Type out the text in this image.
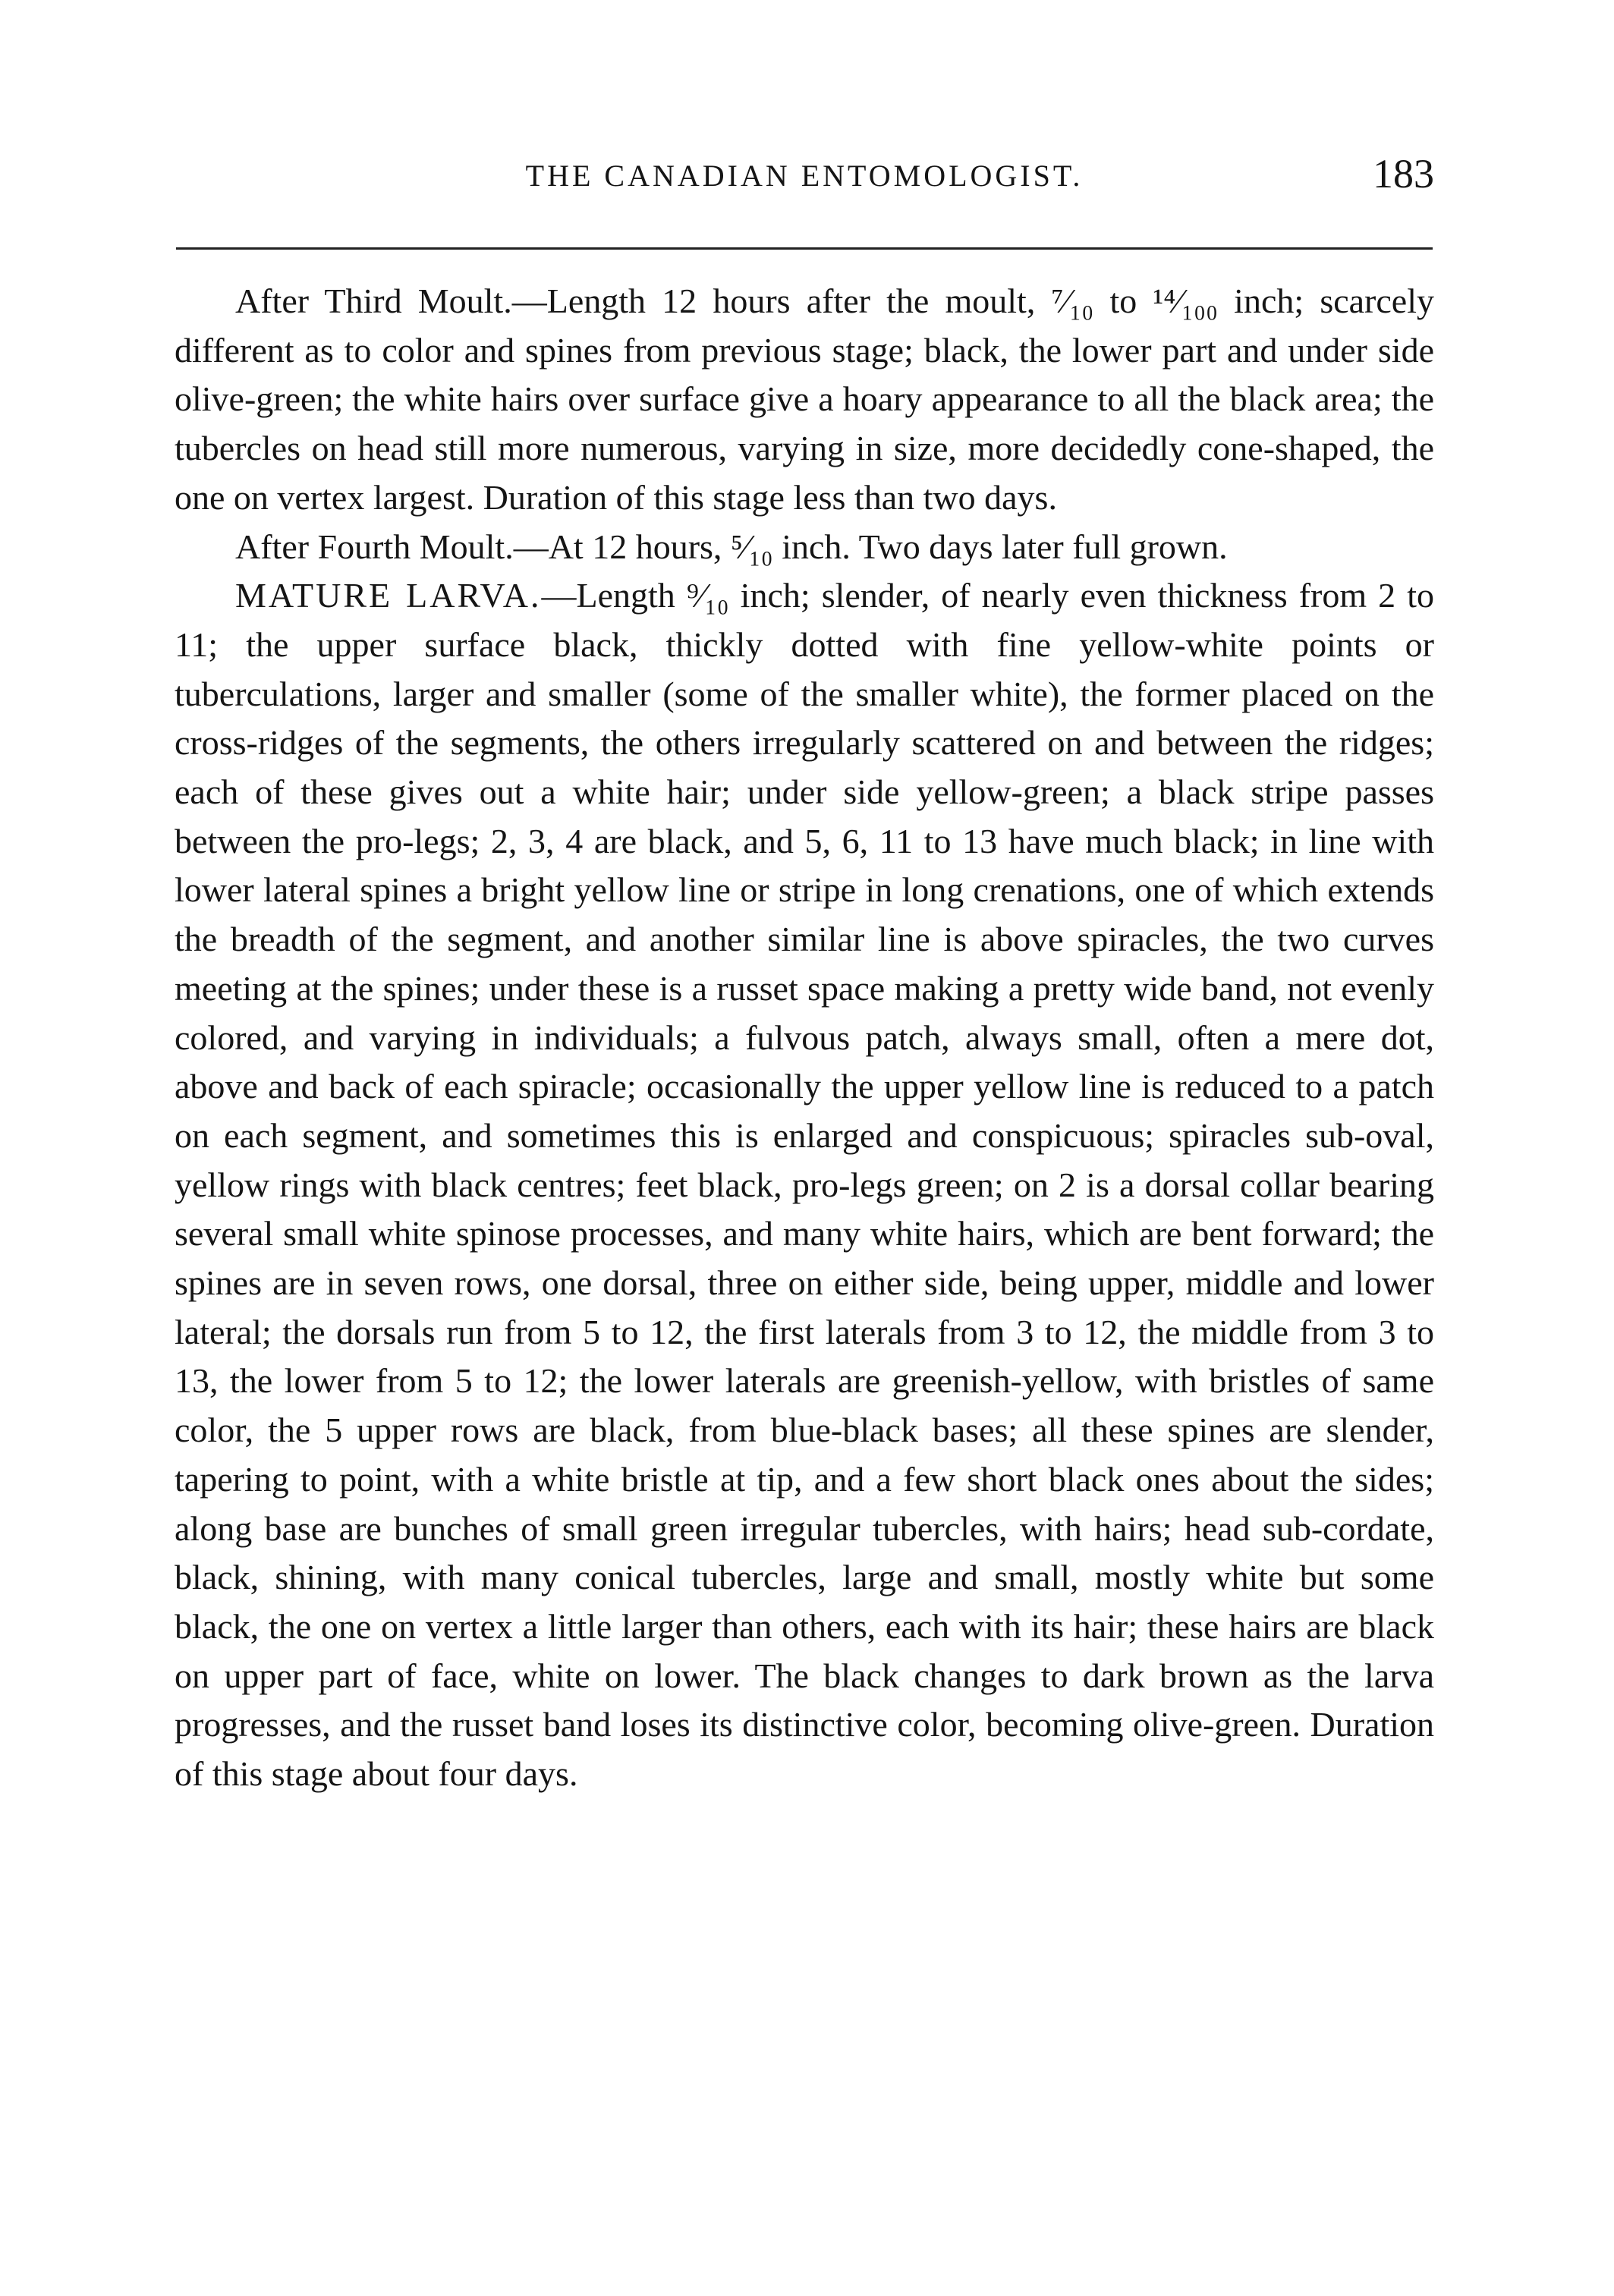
THE CANADIAN ENTOMOLOGIST.	183

After Third Moult.—Length 12 hours after the moult, ⁷⁄₁₀ to ¹⁴⁄₁₀₀ inch; scarcely different as to color and spines from previous stage; black, the lower part and under side olive-green; the white hairs over surface give a hoary appearance to all the black area; the tubercles on head still more numerous, varying in size, more decidedly cone-shaped, the one on vertex largest. Duration of this stage less than two days.

After Fourth Moult.—At 12 hours, ⁵⁄₁₀ inch. Two days later full grown.

MATURE LARVA.—Length ⁹⁄₁₀ inch; slender, of nearly even thickness from 2 to 11; the upper surface black, thickly dotted with fine yellow-white points or tuberculations, larger and smaller (some of the smaller white), the former placed on the cross-ridges of the segments, the others irregularly scattered on and between the ridges; each of these gives out a white hair; under side yellow-green; a black stripe passes between the pro-legs; 2, 3, 4 are black, and 5, 6, 11 to 13 have much black; in line with lower lateral spines a bright yellow line or stripe in long crenations, one of which extends the breadth of the segment, and another similar line is above spiracles, the two curves meeting at the spines; under these is a russet space making a pretty wide band, not evenly colored, and varying in individuals; a fulvous patch, always small, often a mere dot, above and back of each spiracle; occasionally the upper yellow line is reduced to a patch on each segment, and sometimes this is enlarged and conspicuous; spiracles sub-oval, yellow rings with black centres; feet black, pro-legs green; on 2 is a dorsal collar bearing several small white spinose processes, and many white hairs, which are bent forward; the spines are in seven rows, one dorsal, three on either side, being upper, middle and lower lateral; the dorsals run from 5 to 12, the first laterals from 3 to 12, the middle from 3 to 13, the lower from 5 to 12; the lower laterals are greenish-yellow, with bristles of same color, the 5 upper rows are black, from blue-black bases; all these spines are slender, tapering to point, with a white bristle at tip, and a few short black ones about the sides; along base are bunches of small green irregular tubercles, with hairs; head sub-cordate, black, shining, with many conical tubercles, large and small, mostly white but some black, the one on vertex a little larger than others, each with its hair; these hairs are black on upper part of face, white on lower. The black changes to dark brown as the larva progresses, and the russet band loses its distinctive color, becoming olive-green. Duration of this stage about four days.
